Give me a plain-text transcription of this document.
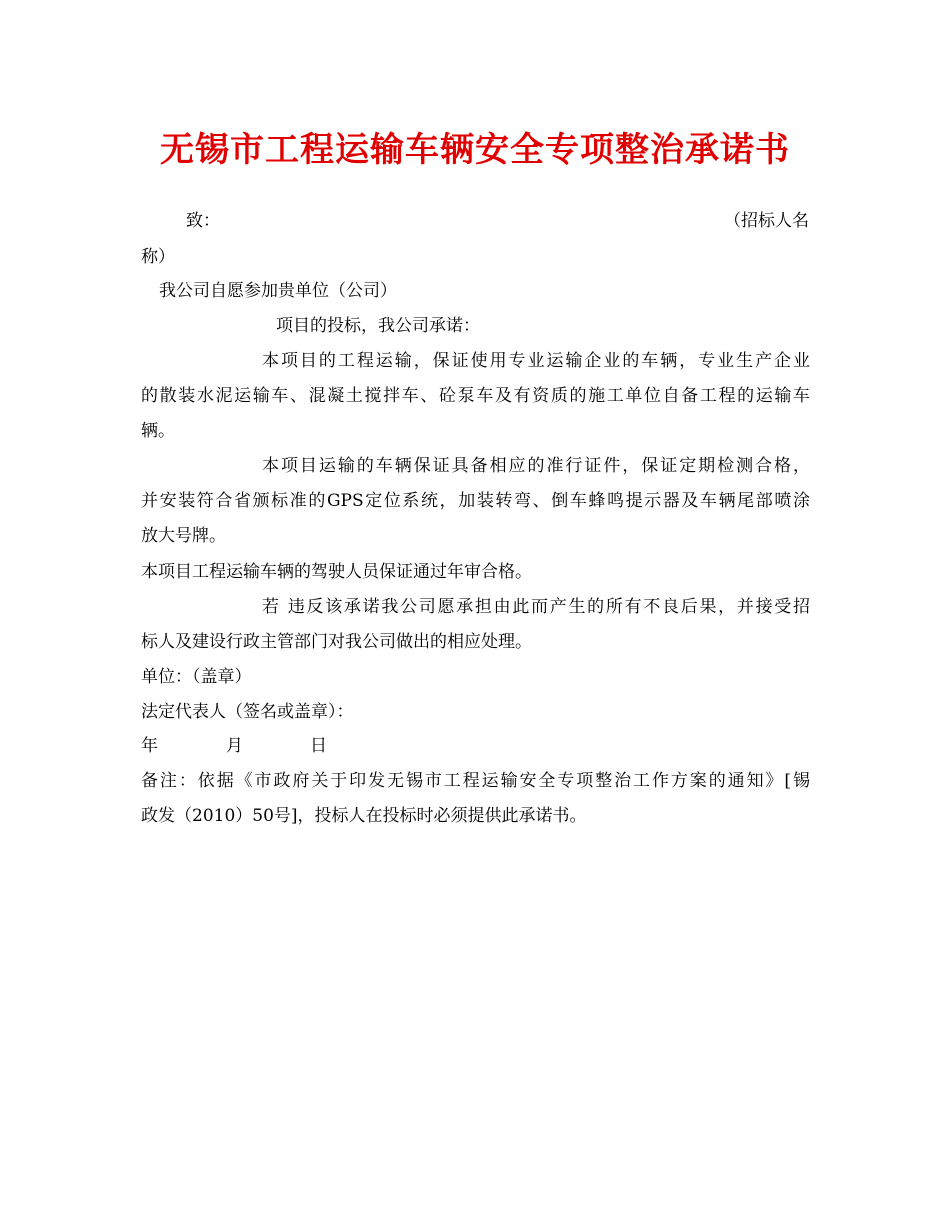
无锡市工程运输车辆安全专项整治承诺书
致：	（招标人名
称）
我公司自愿参加贵单位（公司）
项目的投标，我公司承诺：
本项目的工程运输，保证使用专业运输企业的车辆，专业生产企业
的散装水泥运输车、混凝土搅拌车、砼泵车及有资质的施工单位自备工程的运输车
辆。
本项目运输的车辆保证具备相应的准行证件，保证定期检测合格，
并安装符合省颁标准的GPS定位系统，加装转弯、倒车蜂鸣提示器及车辆尾部喷涂
放大号牌。
本项目工程运输车辆的驾驶人员保证通过年审合格。
若 违反该承诺我公司愿承担由此而产生的所有不良后果，并接受招
标人及建设行政主管部门对我公司做出的相应处理。
单位：（盖章）
法定代表人（签名或盖章）：
年	月	日
备注：依据《市政府关于印发无锡市工程运输安全专项整治工作方案的通知》[锡
政发（2010）50号]，投标人在投标时必须提供此承诺书。
